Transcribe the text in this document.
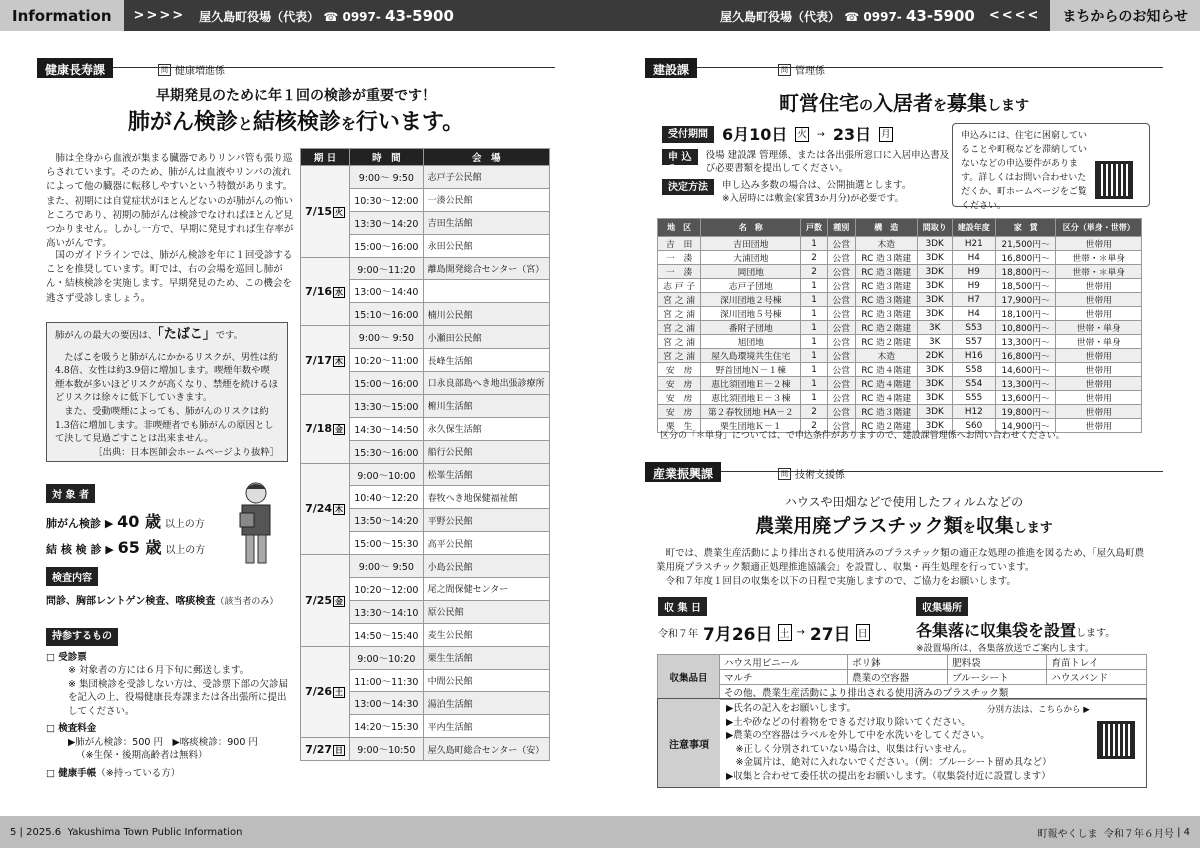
Information	>>>> 屋久島町役場（代表） ☎ 0997- 43-5900	屋久島町役場（代表） ☎ 0997- 43-5900 <<<<	まちからのお知らせ
健康長寿課	問 健康増進係
早期発見のために年１回の検診が重要です！
肺がん検診と結核検診を行います。
肺は全身から血液が集まる臓器でありリンパ管も張り巡らされています。そのため、肺がんは血液やリンパの流れによって他の臓器に転移しやすいという特徴があります。また、初期には自覚症状がほとんどないのが肺がんの怖いところであり、初期の肺がんは検診でなければほとんど見つかりません。しかし一方で、早期に発見すれば生存率が高いがんです。
国のガイドラインでは、肺がん検診を年に１回受診することを推奨しています。町では、右の会場を巡回し肺がん・結核検診を実施します。早期発見のため、この機会を逃さず受診しましょう。
肺がんの最大の要因は、「たばこ」です。
たばこを吸うと肺がんにかかるリスクが、男性は約4.8倍、女性は約3.9倍に増加します。喫煙年数や喫煙本数が多いほどリスクが高くなり、禁煙を続けるほどリスクは徐々に低下していきます。
また、受動喫煙によっても、肺がんのリスクは約1.3倍に増加します。非喫煙者でも肺がんの原因として決して見過ごすことは出来ません。
［出典：日本医師会ホームページより抜粋］
対 象 者
肺がん検診 ▶ 40 歳 以上の方
結 核 検 診 ▶ 65 歳 以上の方
検査内容
問診、胸部レントゲン検査、喀痰検査（該当者のみ）
持参するもの
□ 受診票
※ 対象者の方には６月下旬に郵送します。
※ 集団検診を受診しない方は、受診票下部の欠診届を記入の上、役場健康長寿課または各出張所に提出してください。
□ 検査料金
▶肺がん検診：500 円　▶喀痰検診：900 円
（※生保・後期高齢者は無料）
□ 健康手帳（※持っている方）
期 日	時　間	会　場
7/15 火	9:00～ 9:50	志戸子公民館
	10:30～12:00	一湊公民館
	13:30～14:20	吉田生活館
	15:00～16:00	永田公民館
7/16 水	9:00～11:20	離島開発総合センター（宮）
	13:00～14:40	
	15:10～16:00	楠川公民館
7/17 木	9:00～ 9:50	小瀬田公民館
	10:20～11:00	長峰生活館
	15:00～16:00	口永良部島へき地出張診療所
7/18 金	13:30～15:00	椨川生活館
	14:30～14:50	永久保生活館
	15:30～16:00	船行公民館
7/24 木	9:00～10:00	松峯生活館
	10:40～12:20	春牧へき地保健福祉館
	13:50～14:20	平野公民館
	15:00～15:30	高平公民館
7/25 金	9:00～ 9:50	小島公民館
	10:20～12:00	尾之間保健センター
	13:30～14:10	原公民館
	14:50～15:40	麦生公民館
7/26 土	9:00～10:20	栗生生活館
	11:00～11:30	中間公民館
	13:00～14:30	湯泊生活館
	14:20～15:30	平内生活館
7/27 日	9:00～10:50	屋久島町総合センター（安）
建設課	問 管理係
町営住宅の入居者を募集します
受付期間 6月10日 火 → 23日 月
申 込 先
役場 建設課 管理係、または各出張所窓口に入居申込書及び必要書類を提出してください。
決定方法	申し込み多数の場合は、公開抽選とします。
※入居時には敷金(家賃3か月分)が必要です。
申込みには、住宅に困窮していることや町税などを滞納していないなどの申込要件があります。詳しくはお問い合わせいただくか、町ホームページをご覧ください。
地　区	名　称	戸数	種別	構　造	間取り	建設年度	家　賃	区分（単身・世帯）
吉　田	吉田団地	1	公営	木造	3DK	H21	21,500円～	世帯用
一　湊	大浦団地	2	公営	RC 造３階建	3DK	H4	16,800円～	世帯・＊単身
一　湊	岡団地	2	公営	RC 造３階建	3DK	H9	18,800円～	世帯・＊単身
志 戸 子	志戸子団地	1	公営	RC 造３階建	3DK	H9	18,500円～	世帯用
宮 之 浦	深川団地２号棟	1	公営	RC 造３階建	3DK	H7	17,900円～	世帯用
宮 之 浦	深川団地５号棟	1	公営	RC 造３階建	3DK	H4	18,100円～	世帯用
宮 之 浦	番附子団地	1	公営	RC 造２階建	3K	S53	10,800円～	世帯・単身
宮 之 浦	旭団地	1	公営	RC 造２階建	3K	S57	13,300円～	世帯・単身
宮 之 浦	屋久島環境共生住宅	1	公営	木造	2DK	H16	16,800円～	世帯用
安　房	野首団地Ｎ－１棟	1	公営	RC 造４階建	3DK	S58	14,600円～	世帯用
安　房	恵比須団地Ｅ－２棟	1	公営	RC 造４階建	3DK	S54	13,300円～	世帯用
安　房	恵比須団地Ｅ－３棟	1	公営	RC 造４階建	3DK	S55	13,600円～	世帯用
安　房	第２春牧団地 HA－２	2	公営	RC 造３階建	3DK	H12	19,800円～	世帯用
栗　生	栗生団地Ｋ－１	2	公営	RC 造２階建	3DK	S60	14,900円～	世帯用
区分の「＊単身」については、で申込条件がありますので、建設課管理係へお問い合わせください。
産業振興課	問 技術支援係
ハウスや田畑などで使用したフィルムなどの
農業用廃プラスチック類を収集します
町では、農業生産活動により排出される使用済みのプラスチック類の適正な処理の推進を図るため、「屋久島町農業用廃プラスチック類適正処理推進協議会」を設置し、収集・再生処理を行っています。
令和７年度１回目の収集を以下の日程で実施しますので、ご協力をお願いします。
収 集 日
令和７年 7月26日 土 → 27日 日
収集場所
各集落に収集袋を設置します。
※設置場所は、各集落放送でご案内します。
収集品目	ハウス用ビニール	ポリ鉢	肥料袋	育苗トレイ
	マルチ	農業の空容器	ブルーシート	ハウスバンド
	その他、農業生産活動により排出される使用済みのプラスチック類			
注意事項
▶氏名の記入をお願いします。
▶土や砂などの付着物をできるだけ取り除いてください。
▶農業の空容器はラベルを外して中を水洗いをしてください。
　※正しく分別されていない場合は、収集は行いません。
　※金属片は、絶対に入れないでください。（例：ブルーシート留め具など）
▶収集と合わせて委任状の提出をお願いします。（収集袋付近に設置します）
分別方法は、こちらから ▶
5 | 2025.6
Yakushima Town Public Information	町報やくしま
令和７年６月号 | 4
